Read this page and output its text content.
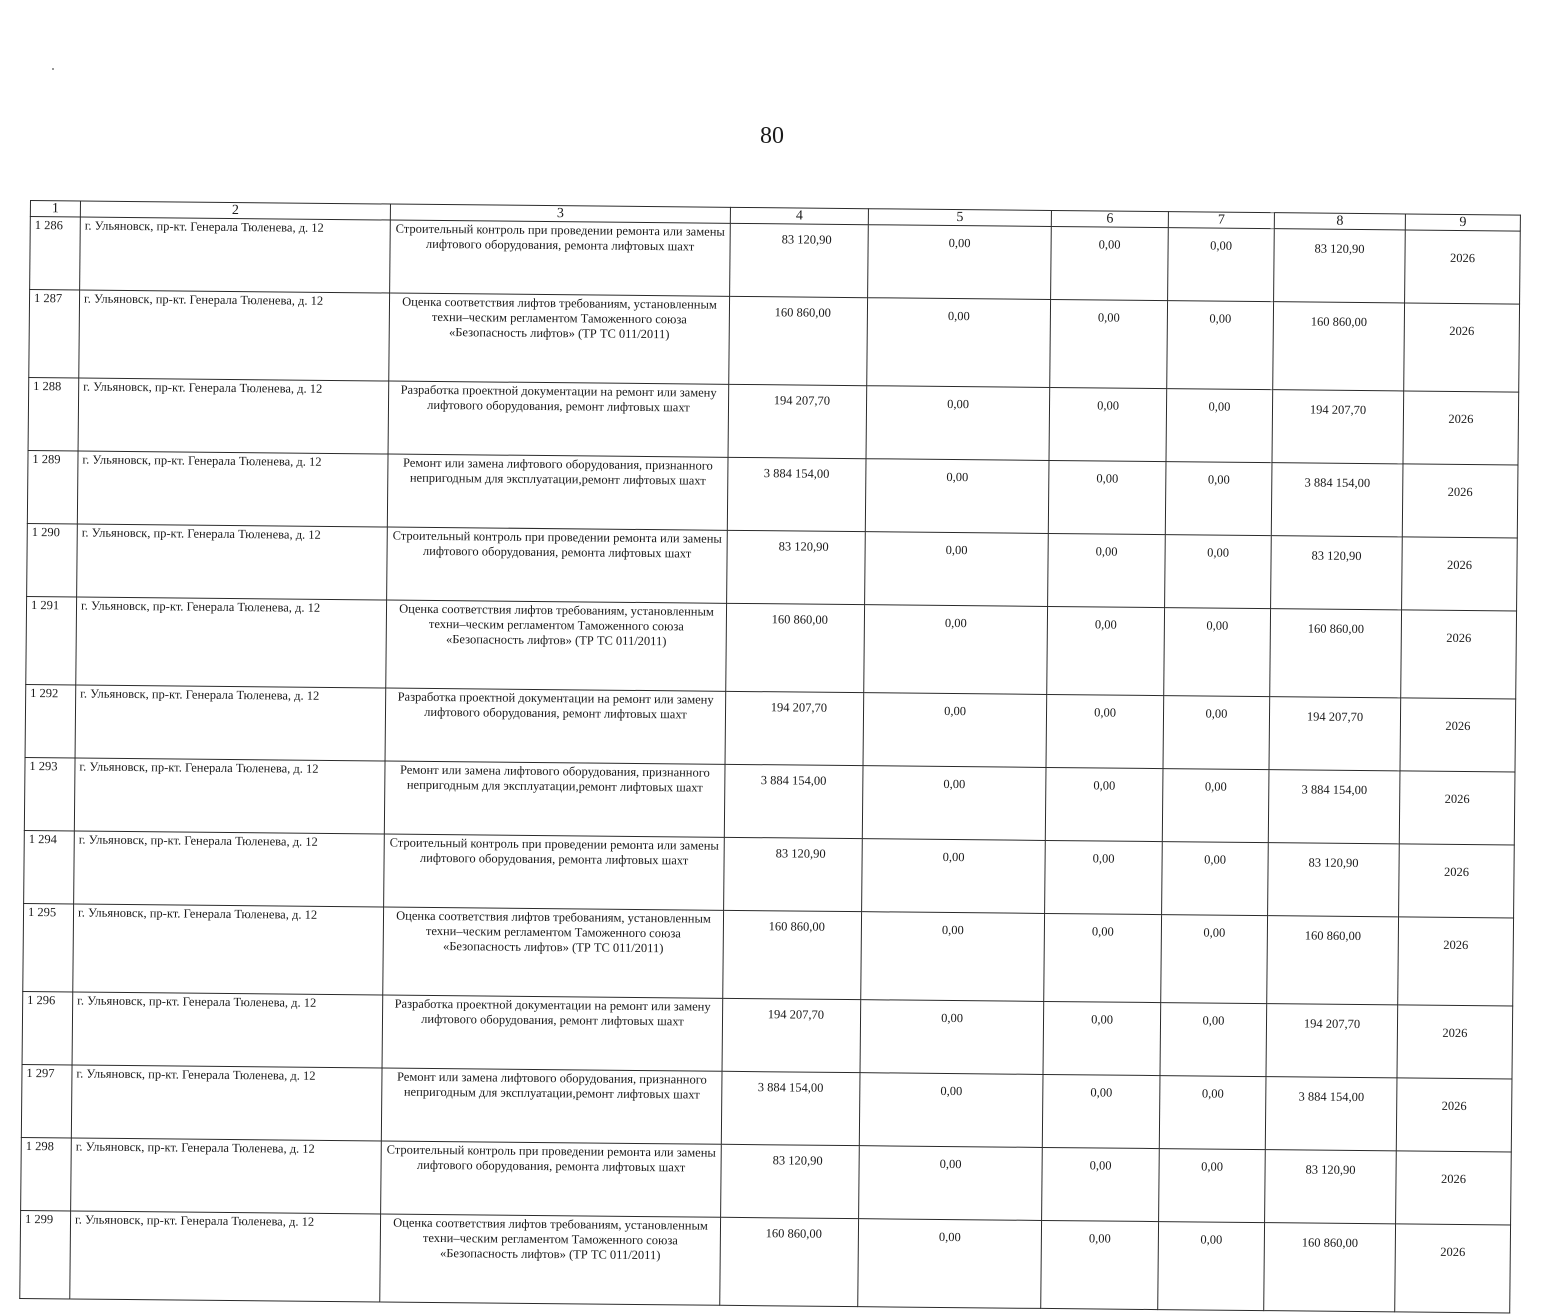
80
1	2	3	4	5	6	7	8	9
1 286	г. Ульяновск, пр-кт. Генерала Тюленева, д. 12	Строительный контроль при проведении ремонта или замены лифтового оборудования, ремонта лифтовых шахт	83 120,90	0,00	0,00	0,00	83 120,90	2026
1 287	г. Ульяновск, пр-кт. Генерала Тюленева, д. 12	Оценка соответствия лифтов требованиям, установленным техни–ческим регламентом Таможенного союза «Безопасность лифтов» (ТР ТС 011/2011)	160 860,00	0,00	0,00	0,00	160 860,00	2026
1 288	г. Ульяновск, пр-кт. Генерала Тюленева, д. 12	Разработка проектной документации на ремонт или замену лифтового оборудования, ремонт лифтовых шахт	194 207,70	0,00	0,00	0,00	194 207,70	2026
1 289	г. Ульяновск, пр-кт. Генерала Тюленева, д. 12	Ремонт или замена лифтового оборудования, признанного непригодным для эксплуатации,ремонт лифтовых шахт	3 884 154,00	0,00	0,00	0,00	3 884 154,00	2026
1 290	г. Ульяновск, пр-кт. Генерала Тюленева, д. 12	Строительный контроль при проведении ремонта или замены лифтового оборудования, ремонта лифтовых шахт	83 120,90	0,00	0,00	0,00	83 120,90	2026
1 291	г. Ульяновск, пр-кт. Генерала Тюленева, д. 12	Оценка соответствия лифтов требованиям, установленным техни–ческим регламентом Таможенного союза «Безопасность лифтов» (ТР ТС 011/2011)	160 860,00	0,00	0,00	0,00	160 860,00	2026
1 292	г. Ульяновск, пр-кт. Генерала Тюленева, д. 12	Разработка проектной документации на ремонт или замену лифтового оборудования, ремонт лифтовых шахт	194 207,70	0,00	0,00	0,00	194 207,70	2026
1 293	г. Ульяновск, пр-кт. Генерала Тюленева, д. 12	Ремонт или замена лифтового оборудования, признанного непригодным для эксплуатации,ремонт лифтовых шахт	3 884 154,00	0,00	0,00	0,00	3 884 154,00	2026
1 294	г. Ульяновск, пр-кт. Генерала Тюленева, д. 12	Строительный контроль при проведении ремонта или замены лифтового оборудования, ремонта лифтовых шахт	83 120,90	0,00	0,00	0,00	83 120,90	2026
1 295	г. Ульяновск, пр-кт. Генерала Тюленева, д. 12	Оценка соответствия лифтов требованиям, установленным техни–ческим регламентом Таможенного союза «Безопасность лифтов» (ТР ТС 011/2011)	160 860,00	0,00	0,00	0,00	160 860,00	2026
1 296	г. Ульяновск, пр-кт. Генерала Тюленева, д. 12	Разработка проектной документации на ремонт или замену лифтового оборудования, ремонт лифтовых шахт	194 207,70	0,00	0,00	0,00	194 207,70	2026
1 297	г. Ульяновск, пр-кт. Генерала Тюленева, д. 12	Ремонт или замена лифтового оборудования, признанного непригодным для эксплуатации,ремонт лифтовых шахт	3 884 154,00	0,00	0,00	0,00	3 884 154,00	2026
1 298	г. Ульяновск, пр-кт. Генерала Тюленева, д. 12	Строительный контроль при проведении ремонта или замены лифтового оборудования, ремонта лифтовых шахт	83 120,90	0,00	0,00	0,00	83 120,90	2026
1 299	г. Ульяновск, пр-кт. Генерала Тюленева, д. 12	Оценка соответствия лифтов требованиям, установленным техни–ческим регламентом Таможенного союза «Безопасность лифтов» (ТР ТС 011/2011)	160 860,00	0,00	0,00	0,00	160 860,00	2026
